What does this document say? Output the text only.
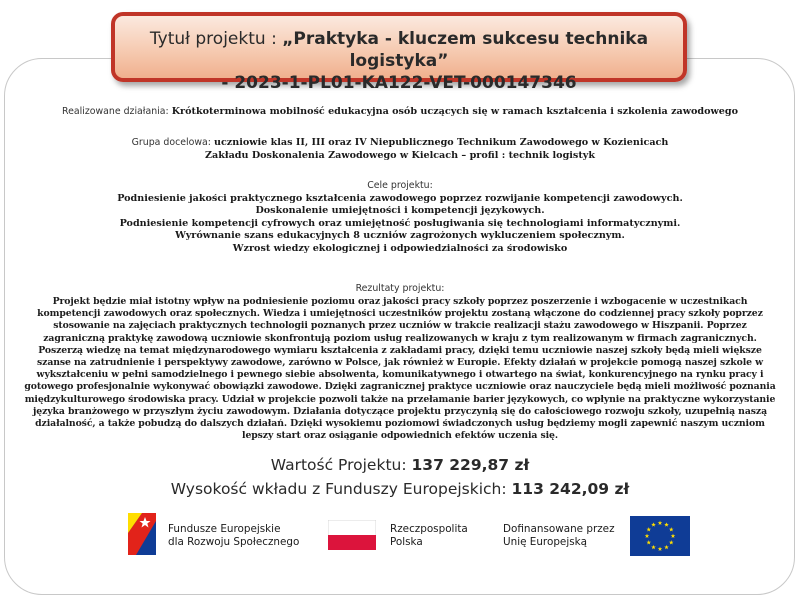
Tytuł projektu : „Praktyka - kluczem sukcesu technika logistyka”
- 2023-1-PL01-KA122-VET-000147346
Realizowane działania: Krótkoterminowa mobilność edukacyjna osób uczących się w ramach kształcenia i szkolenia zawodowego
Grupa docelowa: uczniowie klas II, III oraz IV Niepublicznego Technikum Zawodowego w Kozienicach
Zakładu Doskonalenia Zawodowego w Kielcach – profil : technik logistyk
Cele projektu:
Podniesienie jakości praktycznego kształcenia zawodowego poprzez rozwijanie kompetencji zawodowych.
Doskonalenie umiejętności i kompetencji językowych.
Podniesienie kompetencji cyfrowych oraz umiejętność posługiwania się technologiami informatycznymi.
Wyrównanie szans edukacyjnych 8 uczniów zagrożonych wykluczeniem społecznym.
Wzrost wiedzy ekologicznej i odpowiedzialności za środowisko
Rezultaty projektu:
Projekt będzie miał istotny wpływ na podniesienie poziomu oraz jakości pracy szkoły poprzez poszerzenie i wzbogacenie w uczestnikach kompetencji zawodowych oraz społecznych. Wiedza i umiejętności uczestników projektu zostaną włączone do codziennej pracy szkoły poprzez stosowanie na zajęciach praktycznych technologii poznanych przez uczniów w trakcie realizacji stażu zawodowego w Hiszpanii. Poprzez zagraniczną praktykę zawodową uczniowie skonfrontują poziom usług realizowanych w kraju z tym realizowanym w firmach zagranicznych. Poszerzą wiedzę na temat międzynarodowego wymiaru kształcenia z zakładami pracy, dzięki temu uczniowie naszej szkoły będą mieli większe szanse na zatrudnienie i perspektywy zawodowe, zarówno w Polsce, jak również w Europie. Efekty działań w projekcie pomogą naszej szkole w wykształceniu w pełni samodzielnego i pewnego siebie absolwenta, komunikatywnego i otwartego na świat, konkurencyjnego na rynku pracy i gotowego profesjonalnie wykonywać obowiązki zawodowe. Dzięki zagranicznej praktyce uczniowie oraz nauczyciele będą mieli możliwość poznania międzykulturowego środowiska pracy. Udział w projekcie pozwoli także na przełamanie barier językowych, co wpłynie na praktyczne wykorzystanie języka branżowego w przyszłym życiu zawodowym. Działania dotyczące projektu przyczynią się do całościowego rozwoju szkoły, uzupełnią naszą działalność, a także pobudzą do dalszych działań. Dzięki wysokiemu poziomowi świadczonych usług będziemy mogli zapewnić naszym uczniom lepszy start oraz osiąganie odpowiednich efektów uczenia się.
Wartość Projektu: 137 229,87 zł
Wysokość wkładu z Funduszy Europejskich: 113 242,09 zł
Fundusze Europejskie
dla Rozwoju Społecznego
Rzeczpospolita
Polska
Dofinansowane przez
Unię Europejską
